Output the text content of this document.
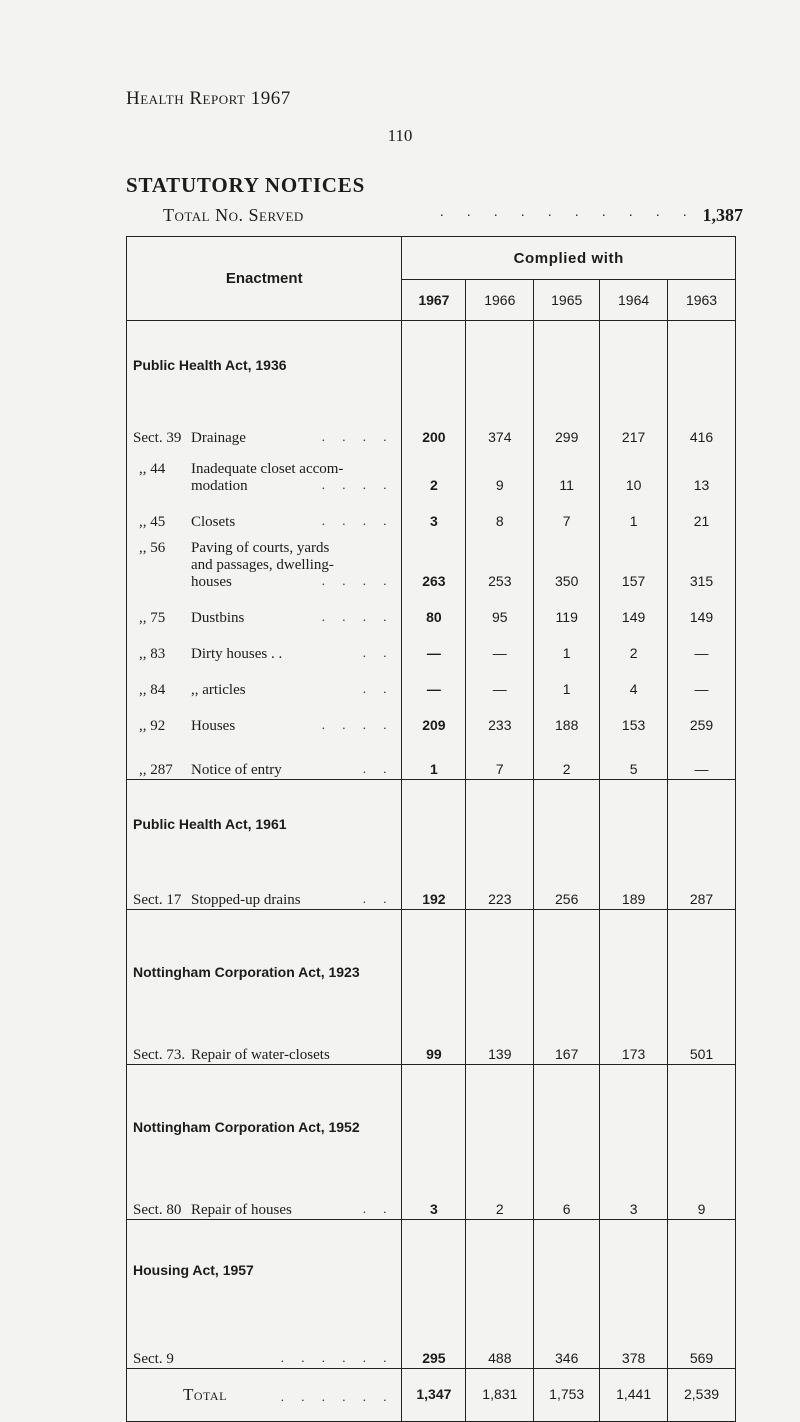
Health Report 1967
110
STATUTORY NOTICES
Total No. Served	. . . . . . . . . . 1,387
Enactment	Complied with				
	1967	1966	1965	1964	1963
Public Health Act, 1936					
Sect. 39 Drainage . . . .	200	374	299	217	416
,, 44 Inadequate closet accom-modation . . . .	2	9	11	10	13
,, 45 Closets . . . .	3	8	7	1	21
,, 56 Paving of courts, yards and passages, dwelling-houses . . . .	263	253	350	157	315
,, 75 Dustbins . . . .	80	95	119	149	149
,, 83 Dirty houses . . . .	—	—	1	2	—
,, 84 ,, articles . .	—	—	1	4	—
,, 92 Houses . . . .	209	233	188	153	259
,, 287 Notice of entry . .	1	7	2	5	—
Public Health Act, 1961					
Sect. 17 Stopped-up drains . .	192	223	256	189	287
Nottingham Corporation Act, 1923					
Sect. 73. Repair of water-closets	99	139	167	173	501
Nottingham Corporation Act, 1952					
Sect. 80 Repair of houses . .	3	2	6	3	9
Housing Act, 1957					
Sect. 9 . . . . . .	295	488	346	378	569
Total . . . . . .	1,347	1,831	1,753	1,441	2,539
